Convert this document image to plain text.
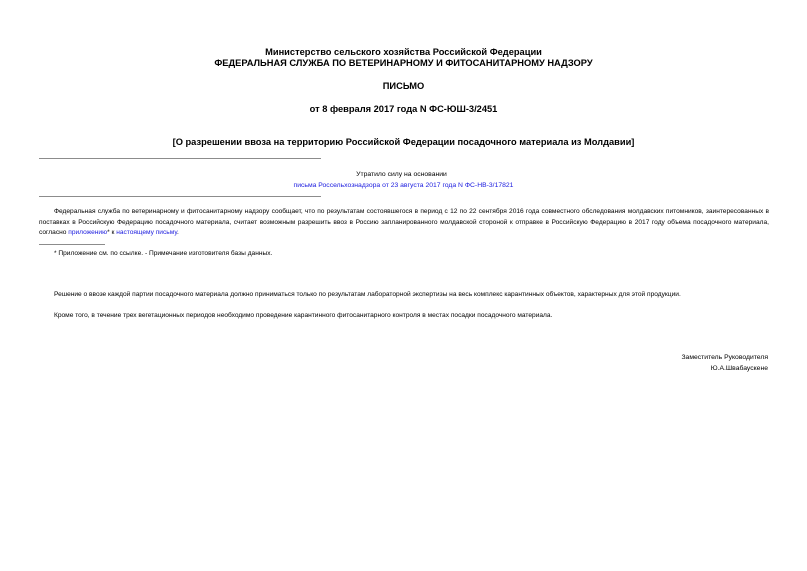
Министерство сельского хозяйства Российской Федерации
ФЕДЕРАЛЬНАЯ СЛУЖБА ПО ВЕТЕРИНАРНОМУ И ФИТОСАНИТАРНОМУ НАДЗОРУ
ПИСЬМО
от 8 февраля 2017 года N ФС-ЮШ-3/2451
[О разрешении ввоза на территорию Российской Федерации посадочного материала из Молдавии]
Утратило силу на основании
письма Россельхознадзора от 23 августа 2017 года N ФС-НВ-3/17821

Федеральная служба по ветеринарному и фитосанитарному надзору сообщает, что по результатам состоявшегося в период с 12 по 22 сентября 2016 года совместного обследования молдавских питомников, заинтересованных в поставках в Российскую Федерацию посадочного материала, считает возможным разрешить ввоз в Россию запланированного молдавской стороной к отправке в Российскую Федерацию в 2017 году объема посадочного материала, согласно приложению* к настоящему письму.

* Приложение см. по ссылке. - Примечание изготовителя базы данных.
Решение о ввозе каждой партии посадочного материала должно приниматься только по результатам лабораторной экспертизы на весь комплекс карантинных объектов, характерных для этой продукции.
Кроме того, в течение трех вегетационных периодов необходимо проведение карантинного фитосанитарного контроля в местах посадки посадочного материала.
Заместитель Руководителя
Ю.А.Швабаускене
